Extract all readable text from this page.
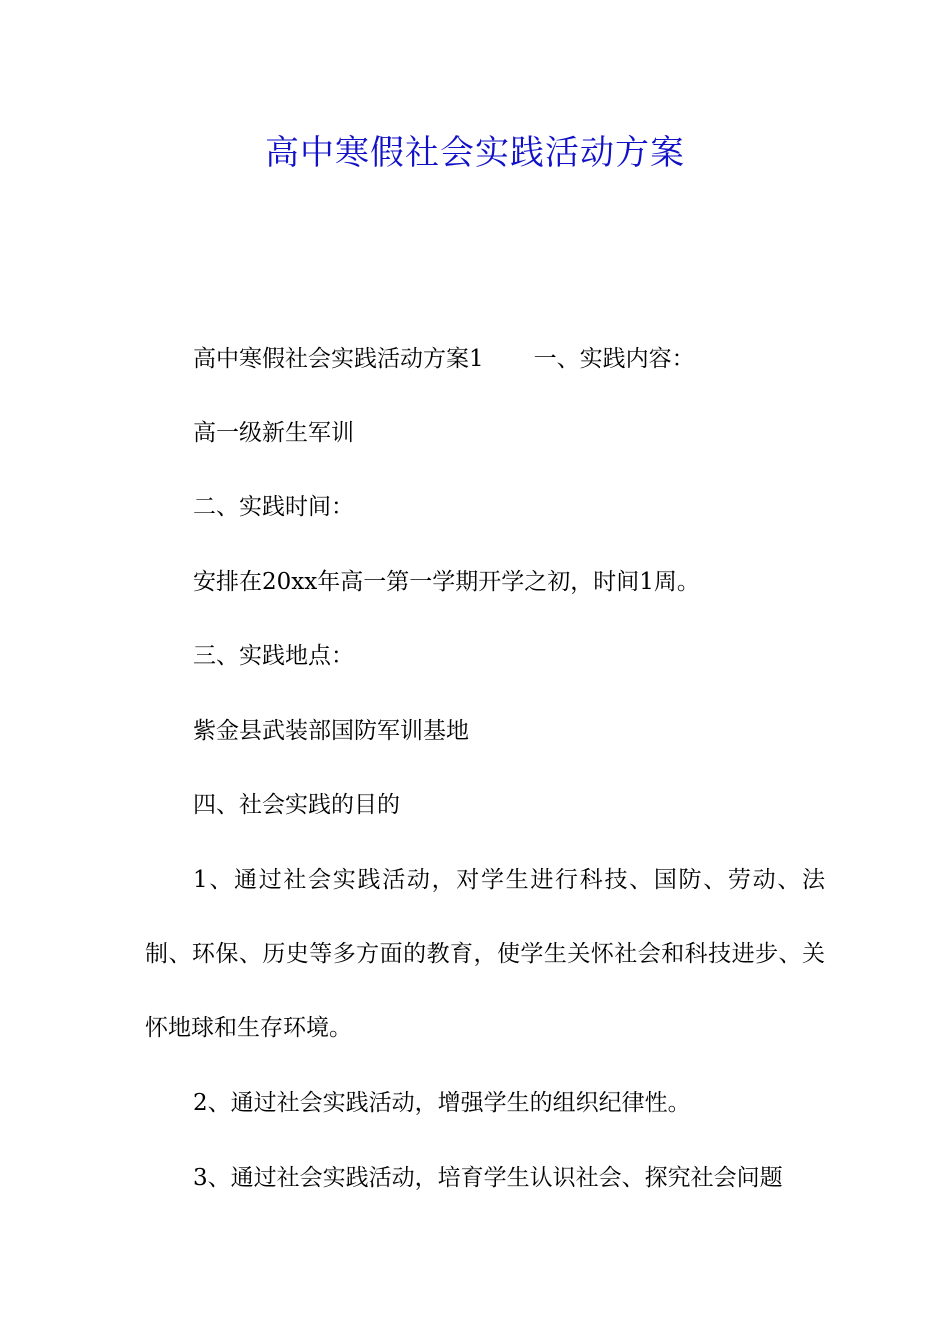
高中寒假社会实践活动方案

高中寒假社会实践活动方案1 一、实践内容：

高一级新生军训

二、实践时间：

安排在20xx年高一第一学期开学之初，时间1周。

三、实践地点：

紫金县武装部国防军训基地

四、社会实践的目的

1、通过社会实践活动，对学生进行科技、国防、劳动、法制、环保、历史等多方面的教育，使学生关怀社会和科技进步、关怀地球和生存环境。

2、通过社会实践活动，增强学生的组织纪律性。

3、通过社会实践活动，培育学生认识社会、探究社会问题
